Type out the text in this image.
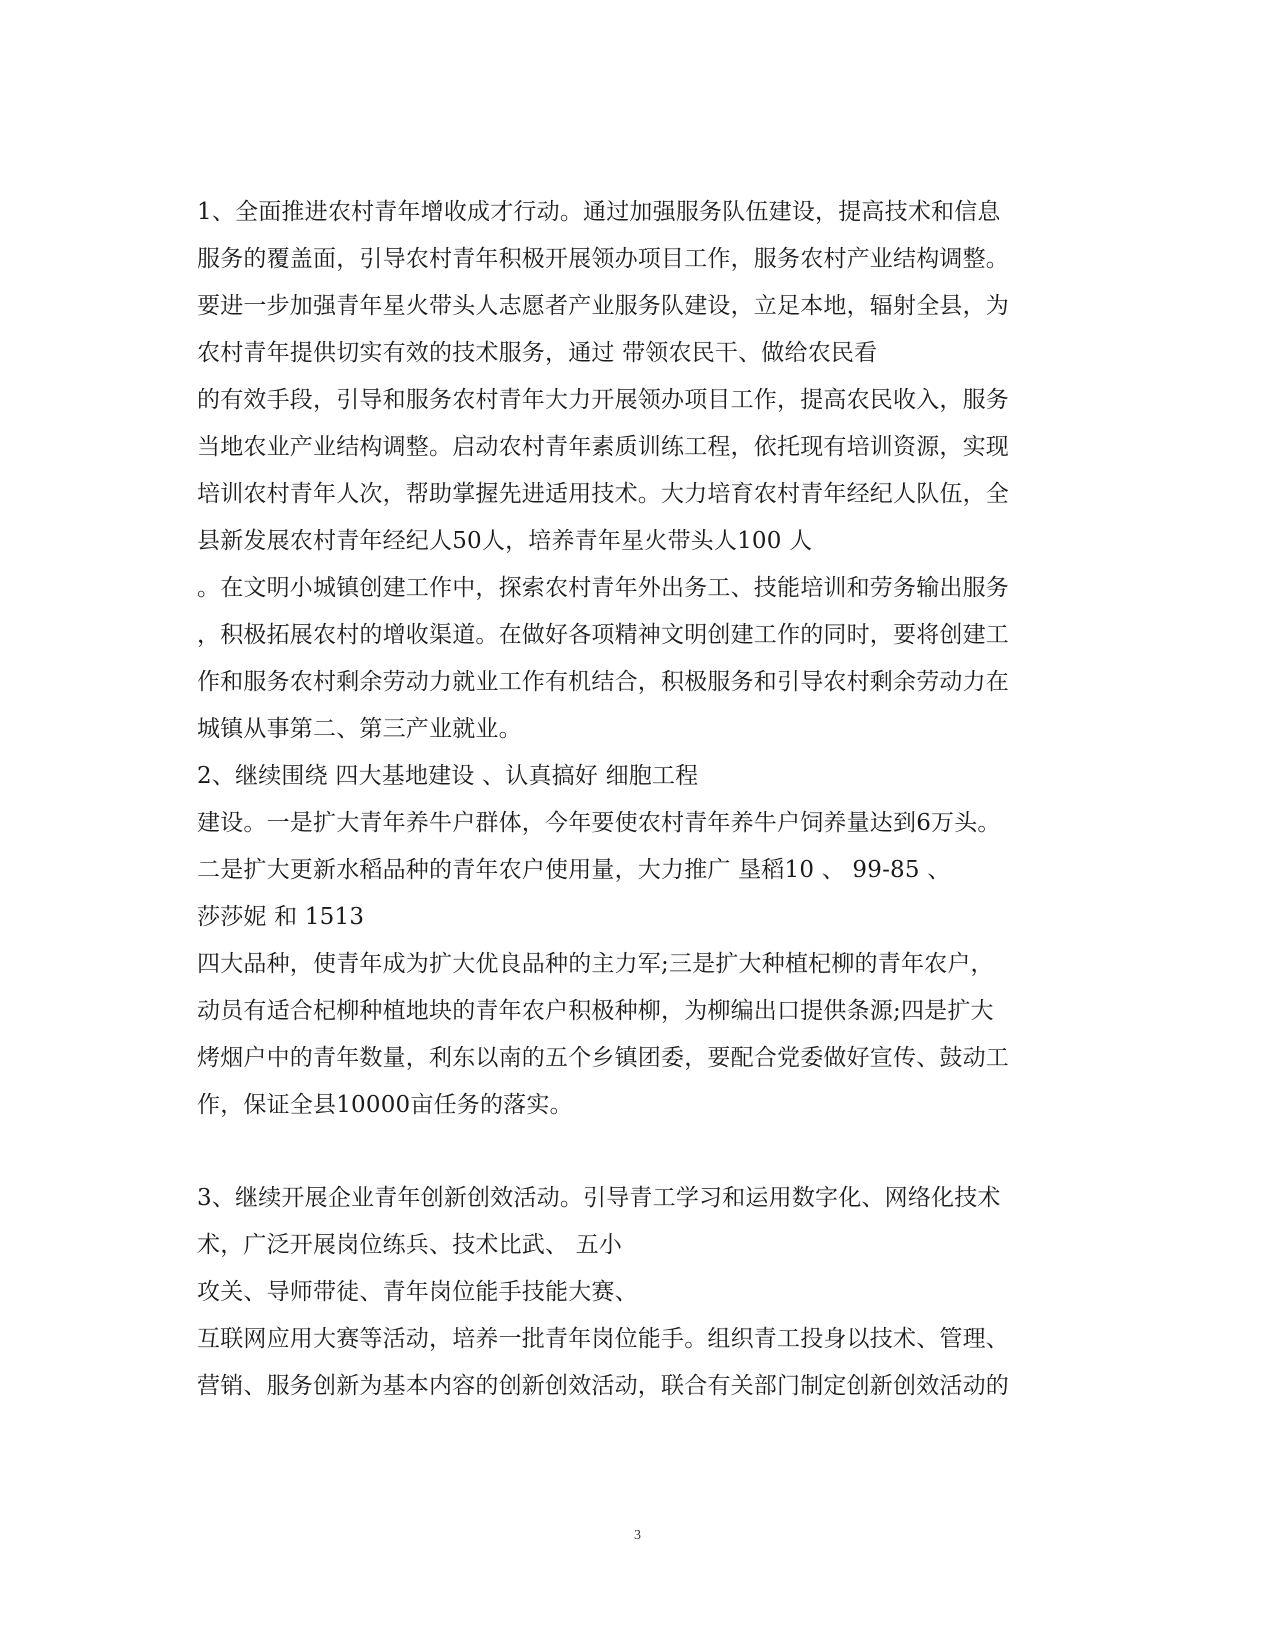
1、全面推进农村青年增收成才行动。通过加强服务队伍建设，提高技术和信息
服务的覆盖面，引导农村青年积极开展领办项目工作，服务农村产业结构调整。
要进一步加强青年星火带头人志愿者产业服务队建设，立足本地，辐射全县，为
农村青年提供切实有效的技术服务，通过 带领农民干、做给农民看
的有效手段，引导和服务农村青年大力开展领办项目工作，提高农民收入，服务
当地农业产业结构调整。启动农村青年素质训练工程，依托现有培训资源，实现
培训农村青年人次，帮助掌握先进适用技术。大力培育农村青年经纪人队伍，全
县新发展农村青年经纪人50人，培养青年星火带头人100 人
。在文明小城镇创建工作中，探索农村青年外出务工、技能培训和劳务输出服务
，积极拓展农村的增收渠道。在做好各项精神文明创建工作的同时，要将创建工
作和服务农村剩余劳动力就业工作有机结合，积极服务和引导农村剩余劳动力在
城镇从事第二、第三产业就业。
2、继续围绕 四大基地建设 、认真搞好 细胞工程
建设。一是扩大青年养牛户群体，今年要使农村青年养牛户饲养量达到6万头。
二是扩大更新水稻品种的青年农户使用量，大力推广 垦稻10 、 99-85 、
莎莎妮 和 1513
四大品种，使青年成为扩大优良品种的主力军;三是扩大种植杞柳的青年农户，
动员有适合杞柳种植地块的青年农户积极种柳，为柳编出口提供条源;四是扩大
烤烟户中的青年数量，利东以南的五个乡镇团委，要配合党委做好宣传、鼓动工
作，保证全县10000亩任务的落实。
3、继续开展企业青年创新创效活动。引导青工学习和运用数字化、网络化技术
术，广泛开展岗位练兵、技术比武、 五小
攻关、导师带徒、青年岗位能手技能大赛、
互联网应用大赛等活动，培养一批青年岗位能手。组织青工投身以技术、管理、
营销、服务创新为基本内容的创新创效活动，联合有关部门制定创新创效活动的
3
